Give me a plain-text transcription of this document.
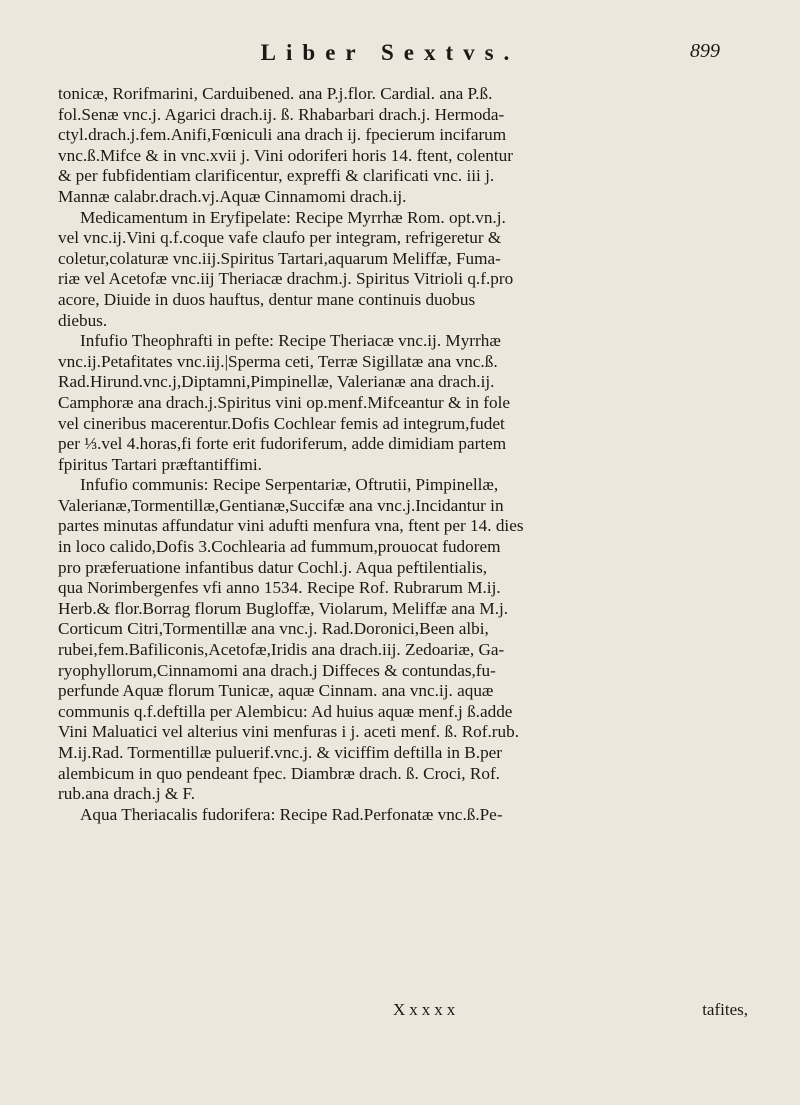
Liber Sextvs.	899
tonicæ, Rorifmarini, Carduibened. ana P.j.flor. Cardial. ana P.ß.
fol.Senæ vnc.j. Agarici drach.ij. ß. Rhabarbari drach.j. Hermoda-
ctyl.drach.j.fem.Anifi,Fœniculi ana drach ij. fpecierum incifarum
vnc.ß.Mifce & in vnc.xvii j. Vini odoriferi horis 14. ftent, colentur
& per fubfidentiam clarificentur, expreffi & clarificati vnc. iii j.
Mannæ calabr.drach.vj.Aquæ Cinnamomi drach.ij.
Medicamentum in Eryfipelate: Recipe Myrrhæ Rom. opt.vn.j.
vel vnc.ij.Vini q.f.coque vafe claufo per integram, refrigeretur &
coletur,colaturæ vnc.iij.Spiritus Tartari,aquarum Meliffæ, Fuma-
riæ vel Acetofæ vnc.iij Theriacæ drachm.j. Spiritus Vitrioli q.f.pro
acore, Diuide in duos hauftus, dentur mane continuis duobus
diebus.
Infufio Theophrafti in pefte: Recipe Theriacæ vnc.ij. Myrrhæ
vnc.ij.Petafitates vnc.iij.|Sperma ceti, Terræ Sigillatæ ana vnc.ß.
Rad.Hirund.vnc.j,Diptamni,Pimpinellæ, Valerianæ ana drach.ij.
Camphoræ ana drach.j.Spiritus vini op.menf.Mifceantur & in fole
vel cineribus macerentur.Dofis Cochlear femis ad integrum,fudet
per ⅓.vel 4.horas,fi forte erit fudoriferum, adde dimidiam partem
fpiritus Tartari præftantiffimi.
Infufio communis: Recipe Serpentariæ, Oftrutii, Pimpinellæ,
Valerianæ,Tormentillæ,Gentianæ,Succifæ ana vnc.j.Incidantur in
partes minutas affundatur vini adufti menfura vna, ftent per 14. dies
in loco calido,Dofis 3.Cochlearia ad fummum,prouocat fudorem
pro præferuatione infantibus datur Cochl.j. Aqua peftilentialis,
qua Norimbergenfes vfi anno 1534. Recipe Rof. Rubrarum M.ij.
Herb.& flor.Borrag florum Bugloffæ, Violarum, Meliffæ ana M.j.
Corticum Citri,Tormentillæ ana vnc.j. Rad.Doronici,Been albi,
rubei,fem.Bafiliconis,Acetofæ,Iridis ana drach.iij. Zedoariæ, Ga-
ryophyllorum,Cinnamomi ana drach.j Diffeces & contundas,fu-
perfunde Aquæ florum Tunicæ, aquæ Cinnam. ana vnc.ij. aquæ
communis q.f.deftilla per Alembicu: Ad huius aquæ menf.j ß.adde
Vini Maluatici vel alterius vini menfuras i j. aceti menf. ß. Rof.rub.
M.ij.Rad. Tormentillæ puluerif.vnc.j. & viciffim deftilla in B.per
alembicum in quo pendeant fpec. Diambræ drach. ß. Croci, Rof.
rub.ana drach.j & F.
Aqua Theriacalis fudorifera: Recipe Rad.Perfonatæ vnc.ß.Pe-
Xxxxx	tafites,
